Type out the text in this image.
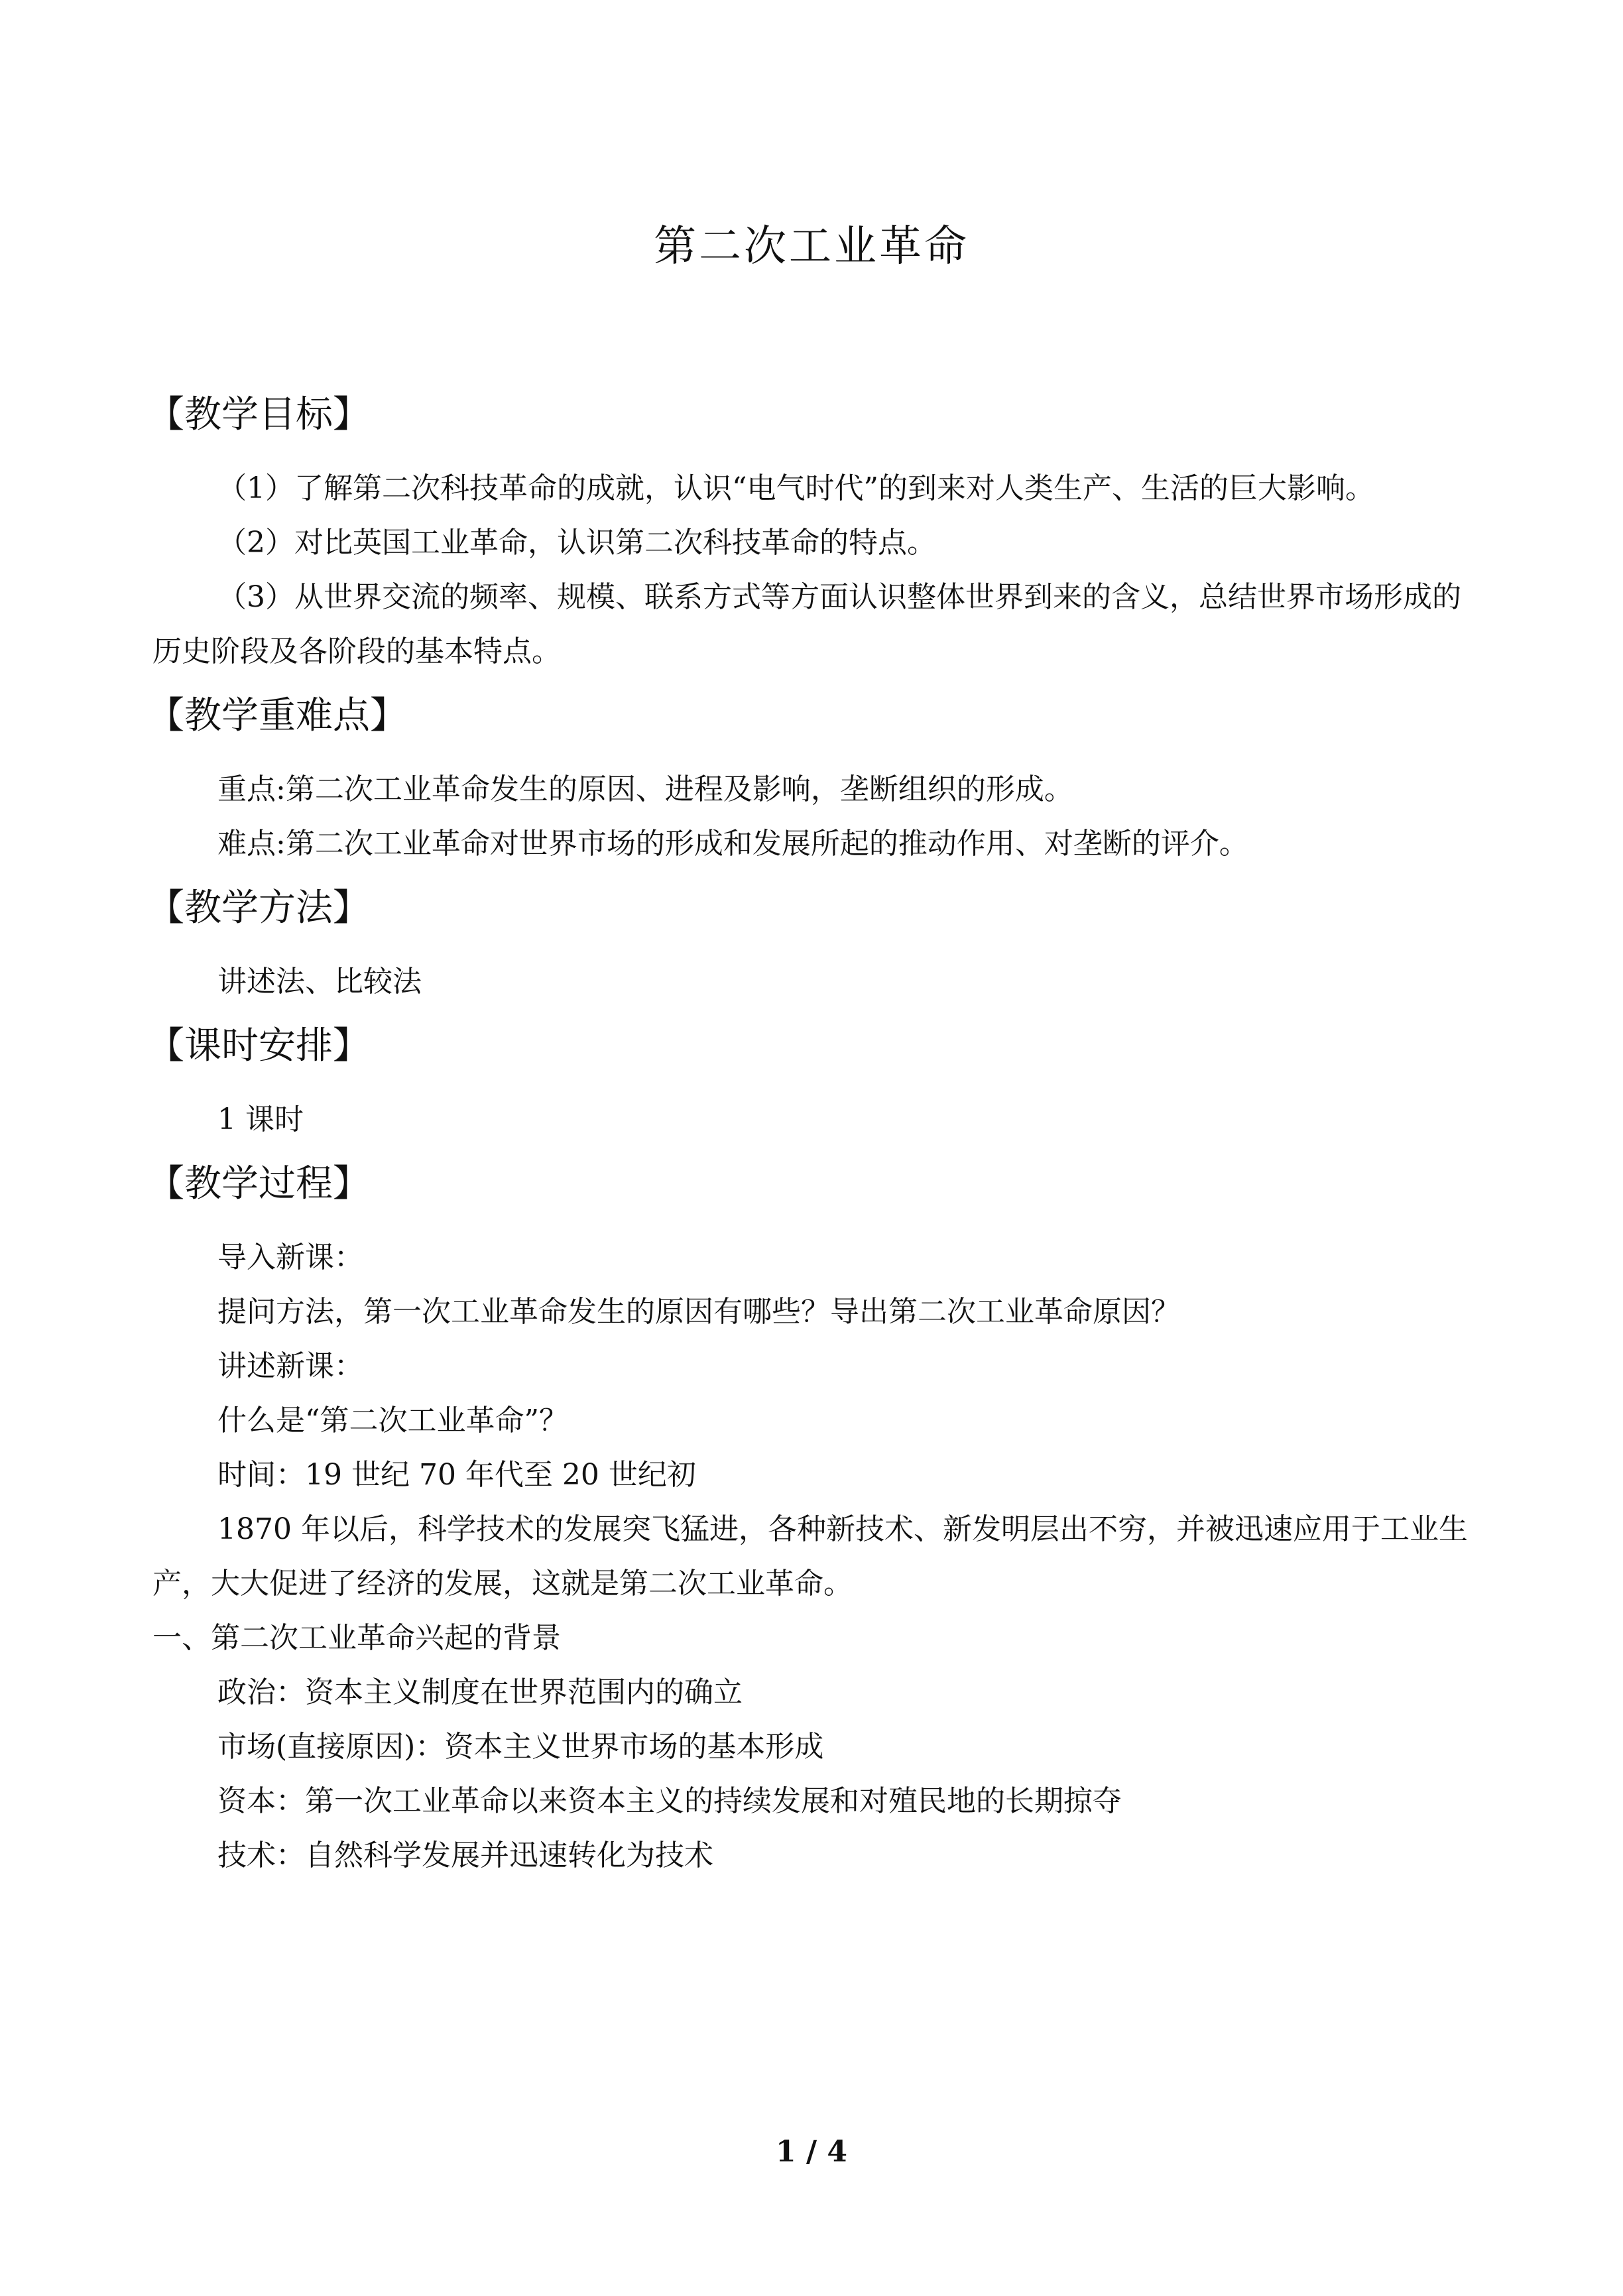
第二次工业革命
【教学目标】

（1）了解第二次科技革命的成就，认识“电气时代”的到来对人类生产、生活的巨大影响。

（2）对比英国工业革命，认识第二次科技革命的特点。

（3）从世界交流的频率、规模、联系方式等方面认识整体世界到来的含义，总结世界市场形成的历史阶段及各阶段的基本特点。

【教学重难点】

重点:第二次工业革命发生的原因、进程及影响，垄断组织的形成。

难点:第二次工业革命对世界市场的形成和发展所起的推动作用、对垄断的评介。

【教学方法】

讲述法、比较法

【课时安排】

1 课时

【教学过程】

导入新课：

提问方法，第一次工业革命发生的原因有哪些？导出第二次工业革命原因？

讲述新课：

什么是“第二次工业革命”？

时间：19 世纪 70 年代至 20 世纪初

1870 年以后，科学技术的发展突飞猛进，各种新技术、新发明层出不穷，并被迅速应用于工业生产，大大促进了经济的发展，这就是第二次工业革命。

一、第二次工业革命兴起的背景

政治：资本主义制度在世界范围内的确立

市场(直接原因)：资本主义世界市场的基本形成

资本：第一次工业革命以来资本主义的持续发展和对殖民地的长期掠夺

技术：自然科学发展并迅速转化为技术

1 / 4
